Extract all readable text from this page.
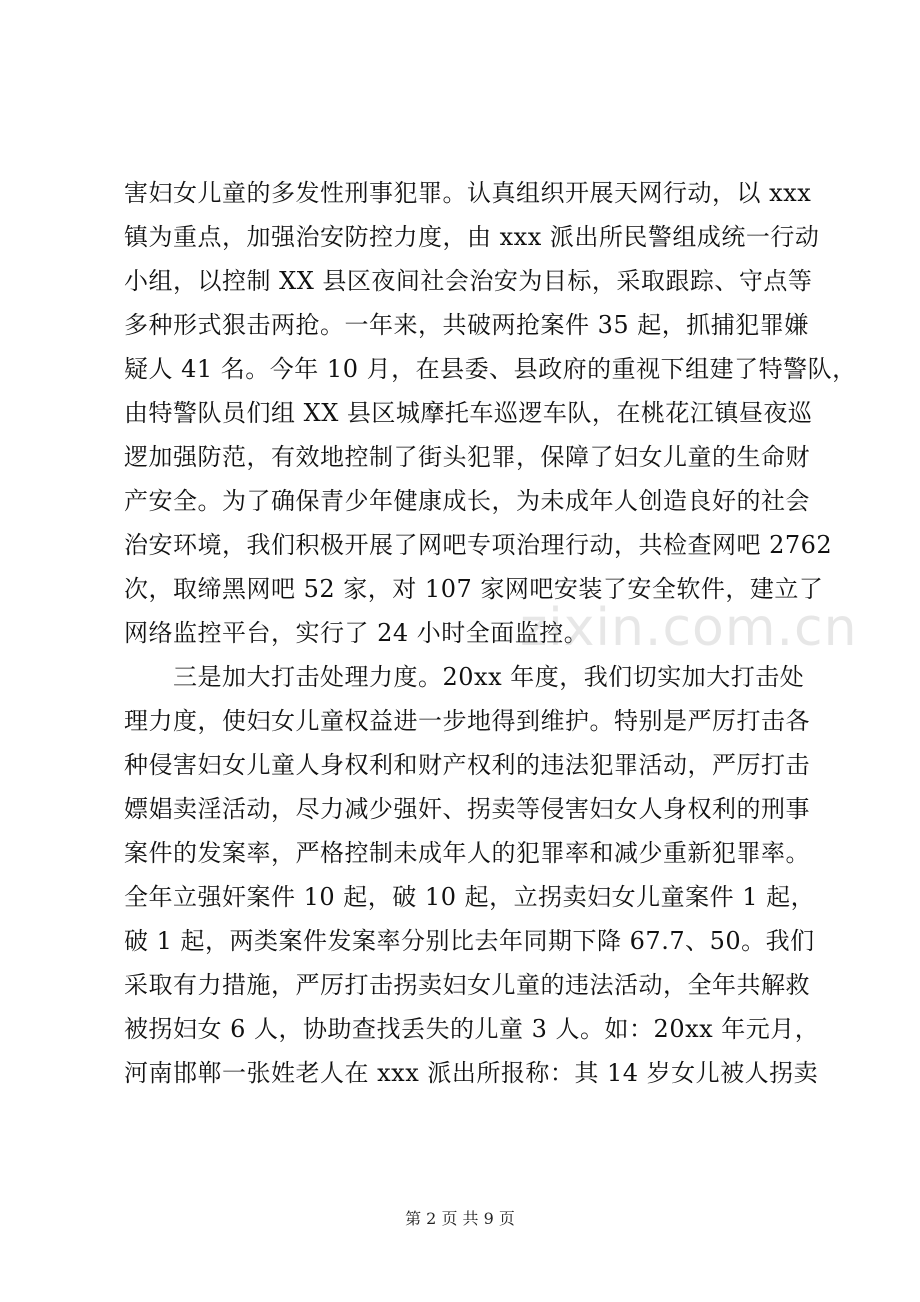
害妇女儿童的多发性刑事犯罪。认真组织开展天网行动，以 xxx
镇为重点，加强治安防控力度，由 xxx 派出所民警组成统一行动
小组，以控制 XX 县区夜间社会治安为目标，采取跟踪、守点等
多种形式狠击两抢。一年来，共破两抢案件 35 起，抓捕犯罪嫌
疑人 41 名。今年 10 月，在县委、县政府的重视下组建了特警队，
由特警队员们组 XX 县区城摩托车巡逻车队，在桃花江镇昼夜巡
逻加强防范，有效地控制了街头犯罪，保障了妇女儿童的生命财
产安全。为了确保青少年健康成长，为未成年人创造良好的社会
治安环境，我们积极开展了网吧专项治理行动，共检查网吧 2762
次，取缔黑网吧 52 家，对 107 家网吧安装了安全软件，建立了
网络监控平台，实行了 24 小时全面监控。
　　三是加大打击处理力度。20xx 年度，我们切实加大打击处
理力度，使妇女儿童权益进一步地得到维护。特别是严厉打击各
种侵害妇女儿童人身权利和财产权利的违法犯罪活动，严厉打击
嫖娼卖淫活动，尽力减少强奸、拐卖等侵害妇女人身权利的刑事
案件的发案率，严格控制未成年人的犯罪率和减少重新犯罪率。
全年立强奸案件 10 起，破 10 起，立拐卖妇女儿童案件 1 起，
破 1 起，两类案件发案率分别比去年同期下降 67.7、50。我们
采取有力措施，严厉打击拐卖妇女儿童的违法活动，全年共解救
被拐妇女 6 人，协助查找丢失的儿童 3 人。如：20xx 年元月，
河南邯郸一张姓老人在 xxx 派出所报称：其 14 岁女儿被人拐卖
zixin.com.cn
第 2 页 共 9 页
